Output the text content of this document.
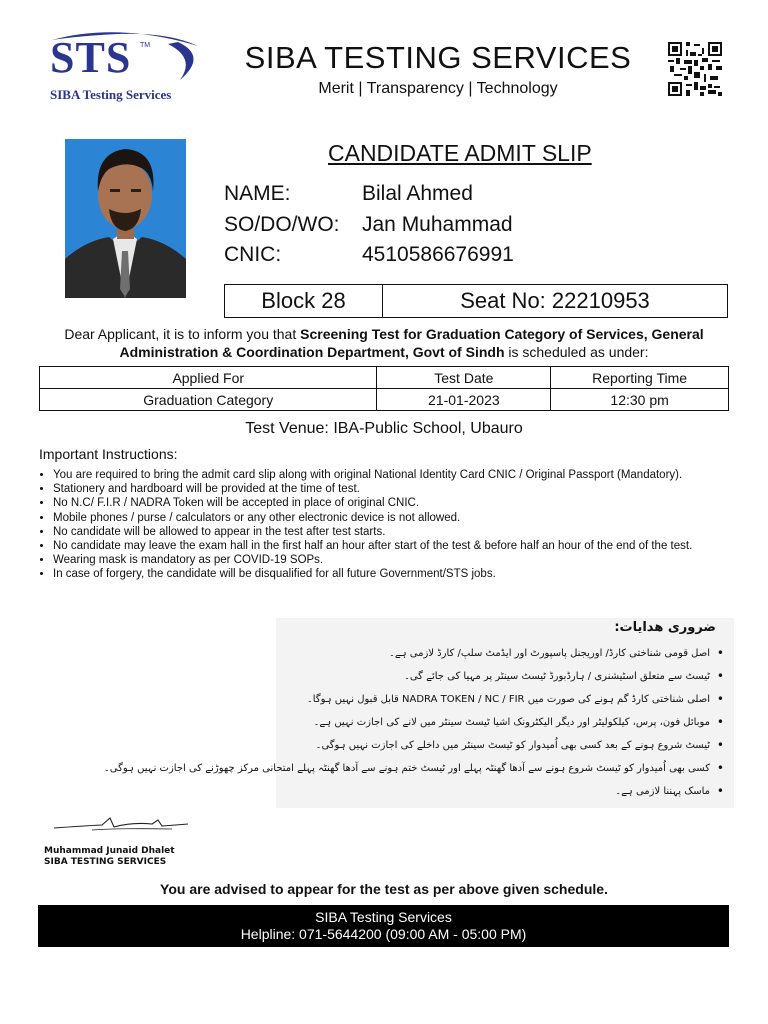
STS TM
SIBA Testing Services
SIBA TESTING SERVICES
Merit | Transparency | Technology
CANDIDATE ADMIT SLIP
NAME:	Bilal Ahmed
SO/DO/WO: Jan Muhammad
CNIC:	4510586676991
Block 28	Seat No: 22210953
Dear Applicant, it is to inform you that Screening Test for Graduation Category of Services, General Administration & Coordination Department, Govt of Sindh is scheduled as under:
Applied For	Test Date	Reporting Time
Graduation Category	21-01-2023	12:30 pm
Test Venue: IBA-Public School, Ubauro
Important Instructions:
• You are required to bring the admit card slip along with original National Identity Card CNIC / Original Passport (Mandatory).
• Stationery and hardboard will be provided at the time of test.
• No N.C/ F.I.R / NADRA Token will be accepted in place of original CNIC.
• Mobile phones / purse / calculators or any other electronic device is not allowed.
• No candidate will be allowed to appear in the test after test starts.
• No candidate may leave the exam hall in the first half an hour after start of the test & before half an hour of the end of the test.
• Wearing mask is mandatory as per COVID-19 SOPs.
• In case of forgery, the candidate will be disqualified for all future Government/STS jobs.
ضروری ھدایات:
• اصل قومی شناختی کارڈ/ اوریجنل پاسپورٹ اور ایڈمٹ سلپ/ کارڈ لازمی ہے۔
• ٹیسٹ سے متعلق اسٹیشنری / ہارڈبورڈ ٹیسٹ سینٹر پر مہیا کی جائے گی۔
• اصلی شناختی کارڈ گم ہونے کی صورت میں NADRA TOKEN / NC / FIR قابل قبول نہیں ہوگا۔
• موبائل فون، پرس، کیلکولیٹر اور دیگر الیکٹرونک اشیا ٹیسٹ سینٹر میں لانے کی اجازت نہیں ہے۔
• ٹیسٹ شروع ہونے کے بعد کسی بھی اُمیدوار کو ٹیسٹ سینٹر میں داخلے کی اجازت نہیں ہوگی۔
• کسی بھی اُمیدوار کو ٹیسٹ شروع ہونے سے آدھا گھنٹہ پہلے اور ٹیسٹ ختم ہونے سے آدھا گھنٹہ پہلے امتحانی مرکز چھوڑنے کی اجازت نہیں ہوگی۔
• ماسک پہننا لازمی ہے۔
Muhammad Junaid Dhalet
SIBA TESTING SERVICES
You are advised to appear for the test as per above given schedule.
SIBA Testing Services
Helpline: 071-5644200 (09:00 AM - 05:00 PM)
